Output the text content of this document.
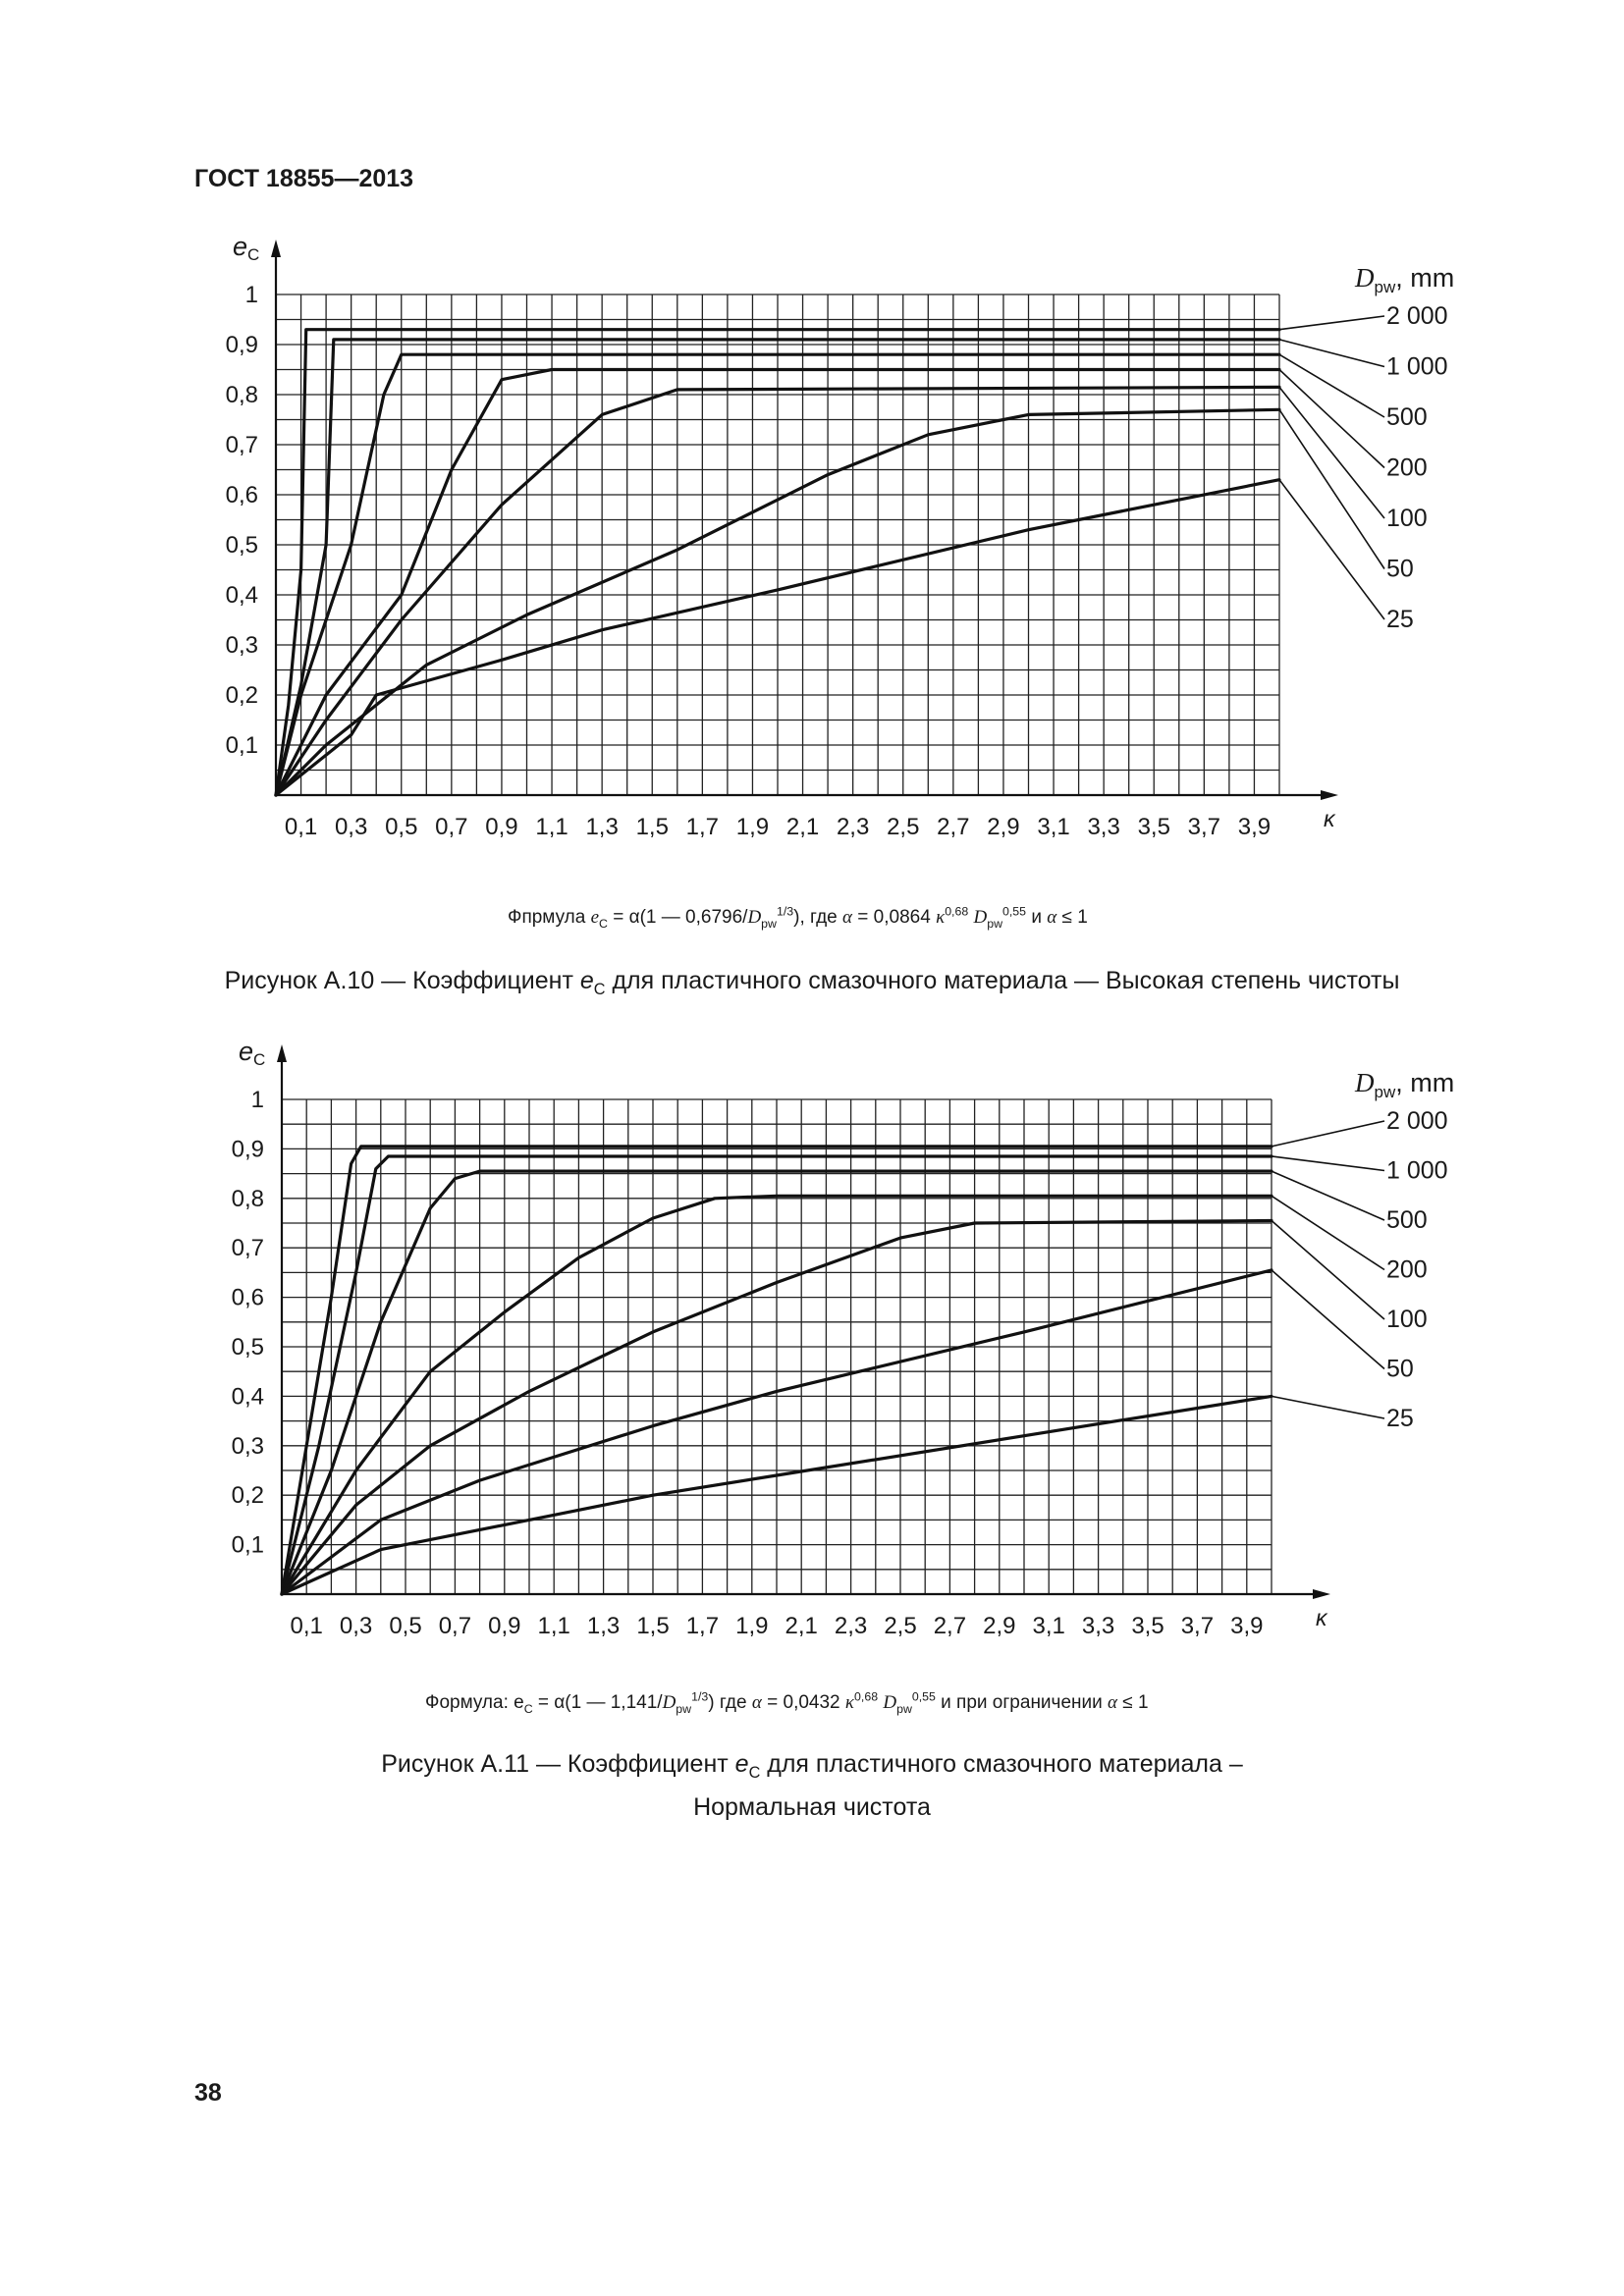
ГОСТ 18855—2013
eC
κ
0,1
0,2
0,3
0,4
0,5
0,6
0,7
0,8
0,9
1
0,1 0,3 0,5 0,7 0,9 1,1 1,3 1,5 1,7 1,9 2,1 2,3 2,5 2,7 2,9 3,1 3,3 3,5 3,7 3,9
$D_{pw}$, mm
2 000
1 000
500
200
100
50
25
Фпрмула $e_C = \alpha(1$ — $0,6796/D_{pw}^{1/3}$), где α = 0,0864 $\kappa^{0,68}$ $D_{pw}^{0,55}$ и α ≤ 1
Рисунок А.10 — Коэффициент $e_C$ для пластичного смазочного материала — Высокая степень чистоты
eC
κ
0,1
0,2
0,3
0,4
0,5
0,6
0,7
0,8
0,9
1
0,1 0,3 0,5 0,7 0,9 1,1 1,3 1,5 1,7 1,9 2,1 2,3 2,5 2,7 2,9 3,1 3,3 3,5 3,7 3,9
$D_{pw}$, mm
2 000
1 000
500
200
100
50
25
Формула: $e_C = \alpha(1$ — $1,141/D_{pw}^{1/3}$) где α = 0,0432 $\kappa^{0,68}$ $D_{pw}^{0,55}$ и при ограничении α ≤ 1
Рисунок А.11 — Коэффициент $e_C$ для пластичного смазочного материала –
Нормальная чистота
38
